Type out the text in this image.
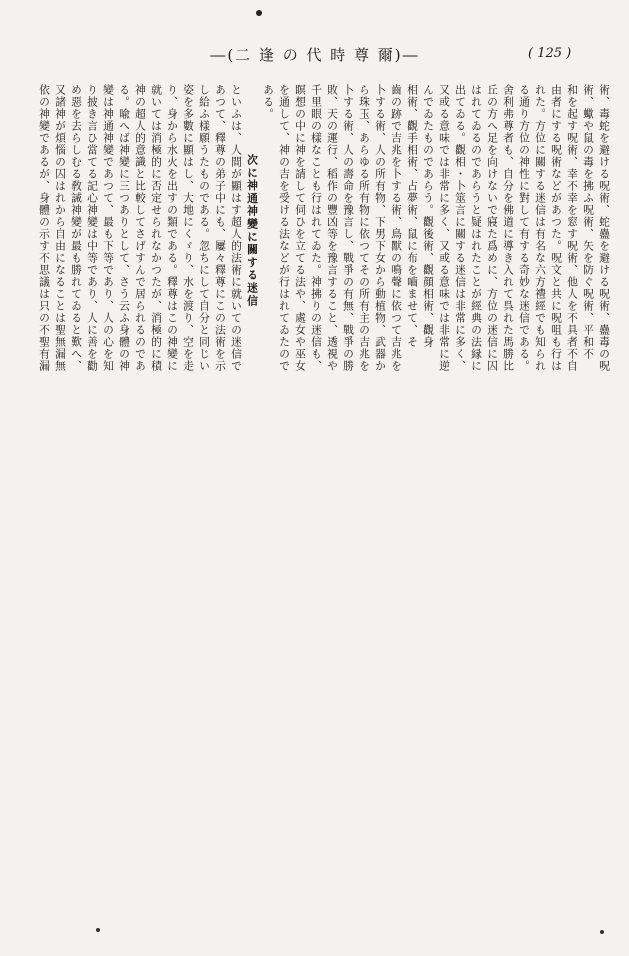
―(二 逢 の 代 時 尊 爾)―	( 125 )
術、毒蛇を避ける呪術、蛇蠱を避ける呪術、蠱毒の呪
術、蠍や鼠の毒を拂ふ呪術、矢を防ぐ呪術、平和不
和を起す呪術、幸不幸を窓す呪術、他人を不具者不自
由者にする呪術などがあつた。呪文と共に呪咀も行は
れた。方位に關する迷信は有名な六方禮經でも知られ
る通り方位の神性に對して有する奇妙な迷信である。
舍利弗尊者も、自分を佛道に導き入れて呉れた馬勝比
丘の方へ足を向けないで寢た爲めに、方位の迷信に囚
はれてゐるのであらうと疑はれたことが經典の法縁に
出てゐる。觀相・卜筮言に關する迷信は非常に多く、
又或る意味では非常に多く、又或る意味では非常に逆
んでゐたものであらう。觀後術、觀顔相術、觀身
相術、觀手相術、占夢術、鼠に布を嚙ませて、そ
齒の跡で吉兆を卜する術、鳥獸の鳴聲に依つて吉兆を
卜する術、人の所有物、下男下女から動植物、武器か
ら珠玉、あらゆる所有物に依つてその所有主の吉兆を
卜する術、人の壽命を豫言し、戰爭の有無、戰爭の勝
敗、天の運行、稻作の豐凶等を豫言すること、透視や
千里眼の樣なことも行はれてゐた。神拂りの迷信も、
瞑想の中に神を請して伺ひを立てる法や、處女や巫女
を通して、神の吉を受ける法などが行はれてゐたので
ある。
次に神通神變に關する迷信
といふは、人間が顯はす超人的法術に就いての迷信で
あつて、釋尊の弟子中にも、屢々釋尊にこの法術を示
し給ふ樣願うたものである。忽ちにして自分と同じい
姿を多數に顯はし、大地にくゞり、水を渡り、空を走
り、身から水火を出すの類である。釋尊はこの神變に
就いては消極的に否定せられなかつたが、消極的に積
神の超人的意識と比較してさげすんで居られるのであ
る。喩へば神變に三つありとして、さう云ふ身體の神
變は神通神變であつて、最も下等であり、人の心を知
り披き言ひ當てる記心神變は中等であり、人に善を勸
め惡を去らしむる敎誡神變が最も勝れてゐると歎へ、
又諸神が煩惱の囚はれから自由になることは聖無漏無
依の神變であるが、身體の示す不思議は只の不聖有漏
